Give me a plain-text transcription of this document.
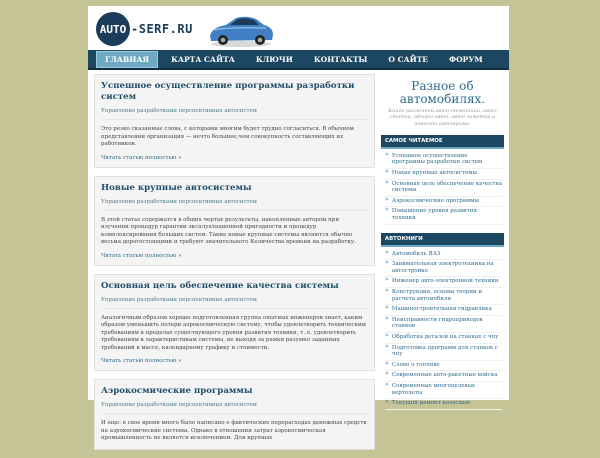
AUTO -SERF.RU
ГЛАВНАЯ	КАРТА САЙТА	КЛЮЧИ	КОНТАКТЫ	О САЙТЕ	ФОРУМ
Успешное осуществление программы разработки систем
Управление разработками перспективных автосистем
Это резко сказанные слова, с которыми многим будет трудно согласиться. В обычном представлении организация — нечто большее,чем совокупность составляющих их работников.
Читать статью полностью »
Новые крупные автосистемы
Управление разработками перспективных автосистем
В этой статье содержатся в общих чертах результаты, накопленные автором при изучении процедур гарантии эксплуатационной пригодности и процедур комплексирования больших систем. Такие новые крупные системы являются обычно весьма дорогостоящими и требуют значительного Количества времени на разработку.
Читать статью полностью »
Основная цель обеспечение качества системы
Управление разработками перспективных автосистем
Аналогичным образом хорошо подготовленная группа опытных инженеров знает, каким образом уменьшить потери аэрокосмическую систему, чтобы удовлетворить техническим требованиям в пределах существующего уровня развития техники, т. е. удовлетворить требованиям к характеристикам системы, не выходя за рамки разумно заданных требований в массе, календарному графику и стоимости.
Читать статью полностью »
Аэрокосмические программы
Управление разработками перспективных автосистем
И еще: в свое время много было написано о фактических перерасходах денежных средств на аэрокосмические системы. Однако в отношении затрат аэрокосмическая промышленность не является исключением. Для крупных
Разное об автомобилях.
Книги различной авто-тематики, авто статьи, обзоры авто, авто заметки и новости автопрома.
САМОЕ ЧИТАЕМОЕ
» Успешное осуществление программы разработки систем
» Новые крупные автосистемы
» Основная цель обеспечение качества системы
» Аэрокосмические программы
» Повышение уровня развития техники
АВТОКНИГИ
» Автомобиль ЯАЗ
» Занимательная электротехника на автостройке
» Инженер авто-электронной техники
» Конструкция, основы теории и расчета автомобиля
» Машиностроительная гидравлика
» Неисправности гидроприводов станков
» Обработка деталей на станках с чпу
» Подготовка программ для станков с чпу
» Слово о топливе
» Современные авто-ракетные войска
» Современные многоцелевые вертолеты
» Текущий ремонт колесных
